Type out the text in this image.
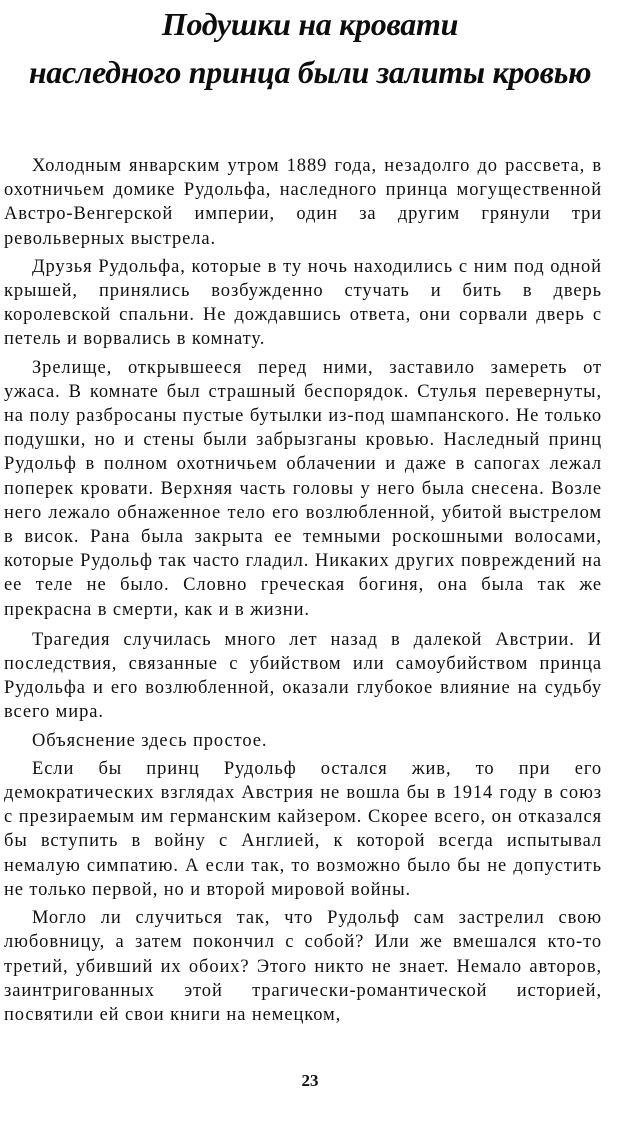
Подушки на кровати
наследного принца были залиты кровью

Холодным январским утром 1889 года, незадолго до рассвета, в охотничьем домике Рудольфа, наследного принца могущественной Австро-Венгерской империи, один за другим грянули три револьверных выстрела.

Друзья Рудольфа, которые в ту ночь находились с ним под одной крышей, принялись возбужденно стучать и бить в дверь королевской спальни. Не дождавшись ответа, они сорвали дверь с петель и ворвались в комнату.

Зрелище, открывшееся перед ними, заставило замереть от ужаса. В комнате был страшный беспорядок. Стулья перевернуты, на полу разбросаны пустые бутылки из-под шампанского. Не только подушки, но и стены были забрызганы кровью. Наследный принц Рудольф в полном охотничьем облачении и даже в сапогах лежал поперек кровати. Верхняя часть головы у него была снесена. Возле него лежало обнаженное тело его возлюбленной, убитой выстрелом в висок. Рана была закрыта ее темными роскошными волосами, которые Рудольф так часто гладил. Никаких других повреждений на ее теле не было. Словно греческая богиня, она была так же прекрасна в смерти, как и в жизни.

Трагедия случилась много лет назад в далекой Австрии. И последствия, связанные с убийством или самоубийством принца Рудольфа и его возлюбленной, оказали глубокое влияние на судьбу всего мира.

Объяснение здесь простое.

Если бы принц Рудольф остался жив, то при его демократических взглядах Австрия не вошла бы в 1914 году в союз с презираемым им германским кайзером. Скорее всего, он отказался бы вступить в войну с Англией, к которой всегда испытывал немалую симпатию. А если так, то возможно было бы не допустить не только первой, но и второй мировой войны.

Могло ли случиться так, что Рудольф сам застрелил свою любовницу, а затем покончил с собой? Или же вмешался кто-то третий, убивший их обоих? Этого никто не знает. Немало авторов, заинтригованных этой трагически-романтической историей, посвятили ей свои книги на немецком,

23
